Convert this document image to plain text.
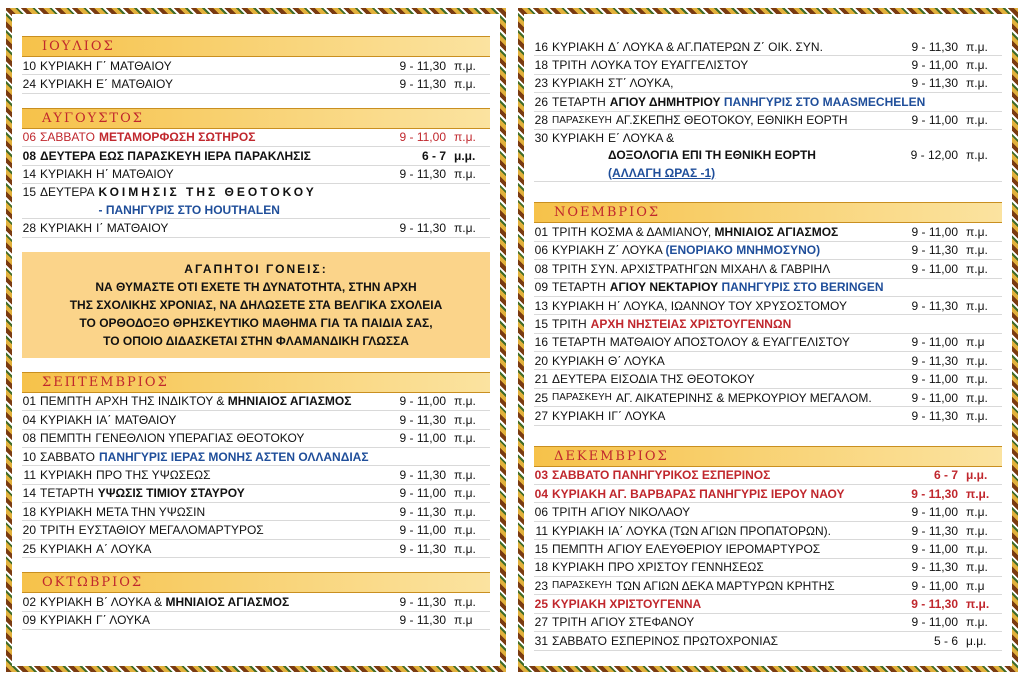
ΙΟΥΛΙΟΣ
10 ΚΥΡΙΑΚΗ Γ΄ ΜΑΤΘΑΙΟΥ	9 - 11,30 π.μ.
24 ΚΥΡΙΑΚΗ Ε΄ ΜΑΤΘΑΙΟΥ	9 - 11,30 π.μ.
ΑΥΓΟΥΣΤΟΣ
06 ΣΑΒΒΑΤΟ ΜΕΤΑΜΟΡΦΩΣΗ ΣΩΤΗΡΟΣ	9 - 11,00 π.μ.
08 ΔΕΥΤΕΡΑ ΕΩΣ ΠΑΡΑΣΚΕΥΗ ΙΕΡΑ ΠΑΡΑΚΛΗΣΙΣ	6 - 7 μ.μ.
14 ΚΥΡΙΑΚΗ Η΄ ΜΑΤΘΑΙΟΥ	9 - 11,30 π.μ.
15 ΔΕΥΤΕΡΑ ΚΟΙΜΗΣΙΣ ΤΗΣ ΘΕΟΤΟΚΟΥ
- ΠΑΝΗΓΥΡΙΣ ΣΤΟ HOUTHALEN
28 ΚΥΡΙΑΚΗ Ι΄ ΜΑΤΘΑΙΟΥ	9 - 11,30 π.μ.
ΑΓΑΠΗΤΟΙ ΓΟΝΕΙΣ:
ΝΑ ΘΥΜΑΣΤΕ ΟΤΙ ΕΧΕΤΕ ΤΗ ΔΥΝΑΤΟΤΗΤΑ, ΣΤΗΝ ΑΡΧΗ
ΤΗΣ ΣΧΟΛΙΚΗΣ ΧΡΟΝΙΑΣ, ΝΑ ΔΗΛΩΣΕΤΕ ΣΤΑ ΒΕΛΓΙΚΑ ΣΧΟΛΕΙΑ
ΤΟ ΟΡΘΟΔΟΞΟ ΘΡΗΣΚΕΥΤΙΚΟ ΜΑΘΗΜΑ ΓΙΑ ΤΑ ΠΑΙΔΙΑ ΣΑΣ,
ΤΟ ΟΠΟΙΟ ΔΙΔΑΣΚΕΤΑΙ ΣΤΗΝ ΦΛΑΜΑΝΔΙΚΗ ΓΛΩΣΣΑ
ΣΕΠΤΕΜΒΡΙΟΣ
01 ΠΕΜΠΤΗ ΑΡΧΗ ΤΗΣ ΙΝΔΙΚΤΟΥ & ΜΗΝΙΑΙΟΣ ΑΓΙΑΣΜΟΣ	9 - 11,00 π.μ.
04 ΚΥΡΙΑΚΗ ΙΑ΄ ΜΑΤΘΑΙΟΥ	9 - 11,30 π.μ.
08 ΠΕΜΠΤΗ ΓΕΝΕΘΛΙΟΝ ΥΠΕΡΑΓΙΑΣ ΘΕΟΤΟΚΟΥ	9 - 11,00 π.μ.
10 ΣΑΒΒΑΤΟ ΠΑΝΗΓΥΡΙΣ ΙΕΡΑΣ ΜΟΝΗΣ ΑΣΤΕΝ ΟΛΛΑΝΔΙΑΣ
11 ΚΥΡΙΑΚΗ ΠΡΟ ΤΗΣ ΥΨΩΣΕΩΣ	9 - 11,30 π.μ.
14 ΤΕΤΑΡΤΗ ΥΨΩΣΙΣ ΤΙΜΙΟΥ ΣΤΑΥΡΟΥ	9 - 11,00 π.μ.
18 ΚΥΡΙΑΚΗ ΜΕΤΑ ΤΗΝ ΥΨΩΣΙΝ	9 - 11,30 π.μ.
20 ΤΡΙΤΗ ΕΥΣΤΑΘΙΟΥ ΜΕΓΑΛΟΜΑΡΤΥΡΟΣ	9 - 11,00 π.μ.
25 ΚΥΡΙΑΚΗ Α΄ ΛΟΥΚΑ	9 - 11,30 π.μ.
ΟΚΤΩΒΡΙΟΣ
02 ΚΥΡΙΑΚΗ Β΄ ΛΟΥΚΑ & ΜΗΝΙΑΙΟΣ ΑΓΙΑΣΜΟΣ	9 - 11,30 π.μ.
09 ΚΥΡΙΑΚΗ Γ΄ ΛΟΥΚΑ	9 - 11,30 π.μ
16 ΚΥΡΙΑΚΗ Δ΄ ΛΟΥΚΑ & ΑΓ.ΠΑΤΕΡΩΝ Ζ΄ ΟΙΚ. ΣΥΝ.	9 - 11,30 π.μ.
18 ΤΡΙΤΗ ΛΟΥΚΑ ΤΟΥ ΕΥΑΓΓΕΛΙΣΤΟΥ	9 - 11,00 π.μ.
23 ΚΥΡΙΑΚΗ ΣΤ΄ ΛΟΥΚΑ,	9 - 11,30 π.μ.
26 ΤΕΤΑΡΤΗ ΑΓΙΟΥ ΔΗΜΗΤΡΙΟΥ ΠΑΝΗΓΥΡΙΣ ΣΤΟ MAASMECHELEN
28 ΠΑΡΑΣΚΕΥΗ ΑΓ.ΣΚΕΠΗΣ ΘΕΟΤΟΚΟΥ, ΕΘΝΙΚΗ ΕΟΡΤΗ	9 - 11,00 π.μ.
30 ΚΥΡΙΑΚΗ Ε΄ ΛΟΥΚΑ &
ΔΟΞΟΛΟΓΙΑ ΕΠΙ ΤΗ ΕΘΝΙΚΗ ΕΟΡΤΗ	9 - 12,00 π.μ.
(ΑΛΛΑΓΗ ΩΡΑΣ -1)
ΝΟΕΜΒΡΙΟΣ
01 ΤΡΙΤΗ ΚΟΣΜΑ & ΔΑΜΙΑΝΟΥ, ΜΗΝΙΑΙΟΣ ΑΓΙΑΣΜΟΣ	9 - 11,00 π.μ.
06 ΚΥΡΙΑΚΗ Ζ΄ ΛΟΥΚΑ (ΕΝΟΡΙΑΚΟ ΜΝΗΜΟΣΥΝΟ)	9 - 11,30 π.μ.
08 ΤΡΙΤΗ ΣΥΝ. ΑΡΧΙΣΤΡΑΤΗΓΩΝ ΜΙΧΑΗΛ & ΓΑΒΡΙΗΛ	9 - 11,00 π.μ.
09 ΤΕΤΑΡΤΗ ΑΓΙΟΥ ΝΕΚΤΑΡΙΟΥ ΠΑΝΗΓΥΡΙΣ ΣΤΟ BERINGEN
13 ΚΥΡΙΑΚΗ Η΄ ΛΟΥΚΑ, ΙΩΑΝΝΟΥ ΤΟΥ ΧΡΥΣΟΣΤΟΜΟΥ	9 - 11,30 π.μ.
15 ΤΡΙΤΗ ΑΡΧΗ ΝΗΣΤΕΙΑΣ ΧΡΙΣΤΟΥΓΕΝΝΩΝ
16 ΤΕΤΑΡΤΗ ΜΑΤΘΑΙΟΥ ΑΠΟΣΤΟΛΟΥ & ΕΥΑΓΓΕΛΙΣΤΟΥ	9 - 11,00 π.μ
20 ΚΥΡΙΑΚΗ Θ΄ ΛΟΥΚΑ	9 - 11,30 π.μ.
21 ΔΕΥΤΕΡΑ ΕΙΣΟΔΙΑ ΤΗΣ ΘΕΟΤΟΚΟΥ	9 - 11,00 π.μ.
25 ΠΑΡΑΣΚΕΥΗ ΑΓ. ΑΙΚΑΤΕΡΙΝΗΣ & ΜΕΡΚΟΥΡΙΟΥ ΜΕΓΑΛΟΜ.	9 - 11,00 π.μ.
27 ΚΥΡΙΑΚΗ ΙΓ΄ ΛΟΥΚΑ	9 - 11,30 π.μ.
ΔΕΚΕΜΒΡΙΟΣ
03 ΣΑΒΒΑΤΟ ΠΑΝΗΓΥΡΙΚΟΣ ΕΣΠΕΡΙΝΟΣ	6 - 7 μ.μ.
04 ΚΥΡΙΑΚΗ ΑΓ. ΒΑΡΒΑΡΑΣ ΠΑΝΗΓΥΡΙΣ ΙΕΡΟΥ ΝΑΟΥ	9 - 11,30 π.μ.
06 ΤΡΙΤΗ ΑΓΙΟΥ ΝΙΚΟΛΑΟΥ	9 - 11,00 π.μ.
11 ΚΥΡΙΑΚΗ ΙΑ΄ ΛΟΥΚΑ (ΤΩΝ ΑΓΙΩΝ ΠΡΟΠΑΤΟΡΩΝ).	9 - 11,30 π.μ.
15 ΠΕΜΠΤΗ ΑΓΙΟΥ ΕΛΕΥΘΕΡΙΟΥ ΙΕΡΟΜΑΡΤΥΡΟΣ	9 - 11,00 π.μ.
18 ΚΥΡΙΑΚΗ ΠΡΟ ΧΡΙΣΤΟΥ ΓΕΝΝΗΣΕΩΣ	9 - 11,30 π.μ.
23 ΠΑΡΑΣΚΕΥΗ ΤΩΝ ΑΓΙΩΝ ΔΕΚΑ ΜΑΡΤΥΡΩΝ ΚΡΗΤΗΣ	9 - 11,00 π.μ
25 ΚΥΡΙΑΚΗ ΧΡΙΣΤΟΥΓΕΝΝΑ	9 - 11,30 π.μ.
27 ΤΡΙΤΗ ΑΓΙΟΥ ΣΤΕΦΑΝΟΥ	9 - 11,00 π.μ.
31 ΣΑΒΒΑΤΟ ΕΣΠΕΡΙΝΟΣ ΠΡΩΤΟΧΡΟΝΙΑΣ	5 - 6 μ.μ.
